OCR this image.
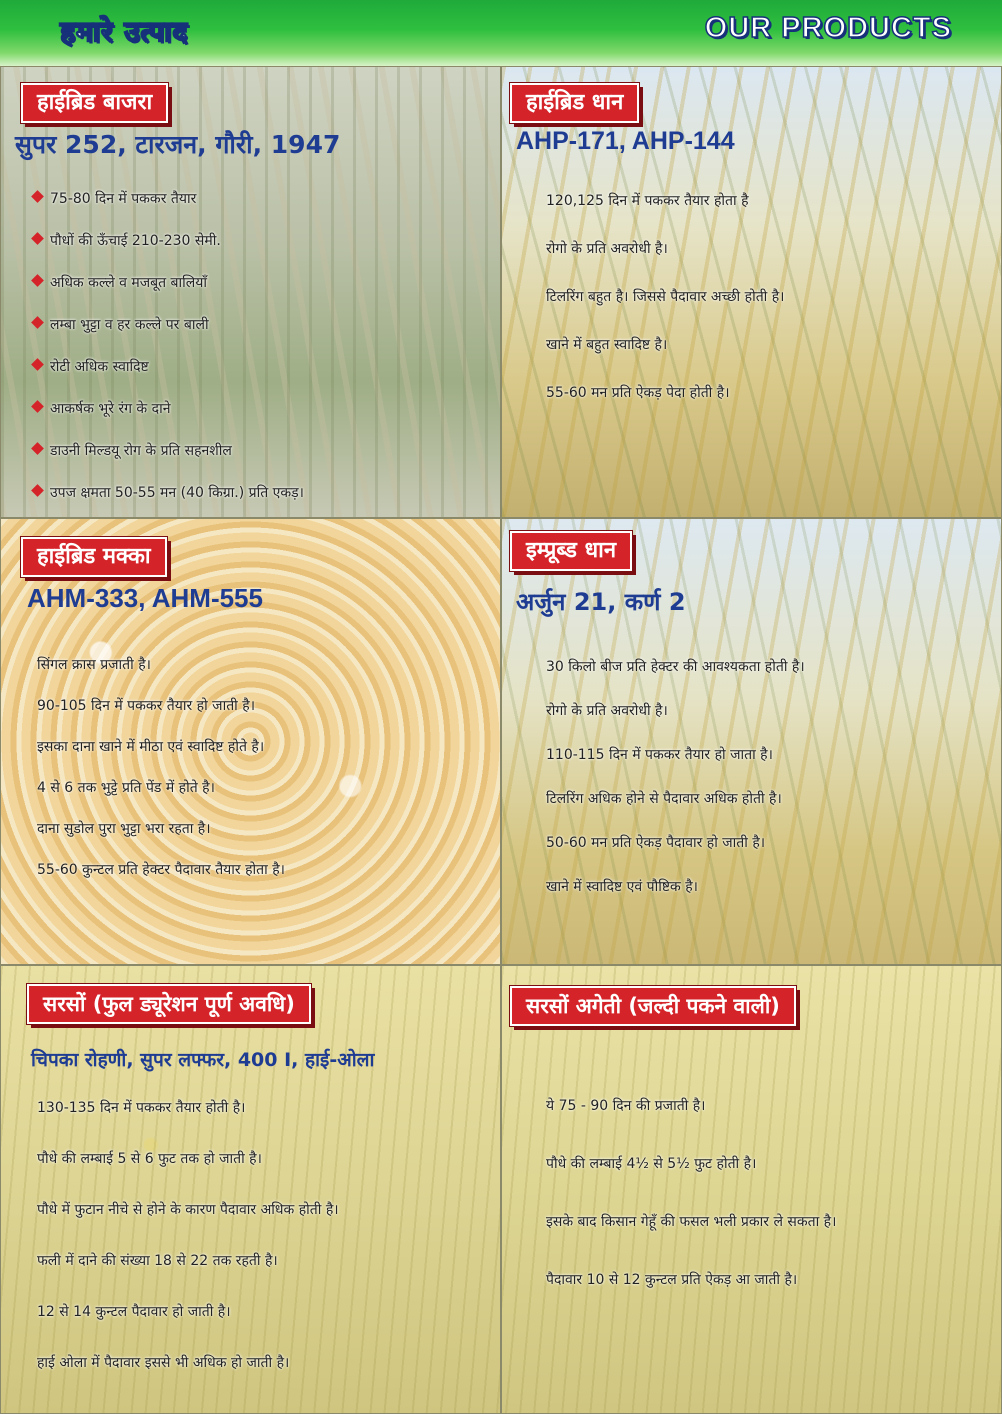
हमारे उत्पाद	OUR PRODUCTS
हाईब्रिड बाजरा
सुपर 252, टारजन, गौरी, 1947
75-80 दिन में पककर तैयार
पौधों की ऊँचाई 210-230 सेमी.
अधिक कल्ले व मजबूत बालियाँ
लम्बा भुट्टा व हर कल्ले पर बाली
रोटी अधिक स्वादिष्ट
आकर्षक भूरे रंग के दाने
डाउनी मिल्डयू रोग के प्रति सहनशील
उपज क्षमता 50-55 मन (40 किग्रा.) प्रति एकड़।
हाईब्रिड धान
AHP-171, AHP-144
120,125 दिन में पककर तैयार होता है
रोगो के प्रति अवरोधी है।
टिलरिंग बहुत है। जिससे पैदावार अच्छी होती है।
खाने में बहुत स्वादिष्ट है।
55-60 मन प्रति ऐकड़ पेदा होती है।
हाईब्रिड मक्का
AHM-333, AHM-555
सिंगल क्रास प्रजाती है।
90-105 दिन में पककर तैयार हो जाती है।
इसका दाना खाने में मीठा एवं स्वादिष्ट होते है।
4 से 6 तक भुट्टे प्रति पेंड में होते है।
दाना सुडोल पुरा भुट्टा भरा रहता है।
55-60 कुन्टल प्रति हेक्टर पैदावार तैयार होता है।
इम्प्रूब्ड धान
अर्जुन 21, कर्ण 2
30 किलो बीज प्रति हेक्टर की आवश्यकता होती है।
रोगो के प्रति अवरोधी है।
110-115 दिन में पककर तैयार हो जाता है।
टिलरिंग अधिक होने से पैदावार अधिक होती है।
50-60 मन प्रति ऐकड़ पैदावार हो जाती है।
खाने में स्वादिष्ट एवं पौष्टिक है।
सरसों (फुल ड्यूरेशन पूर्ण अवधि)
चिपका रोहणी, सुपर लफ्फर, 400 I, हाई-ओला
130-135 दिन में पककर तैयार होती है।
पौधे की लम्बाई 5 से 6 फुट तक हो जाती है।
पौधे में फुटान नीचे से होने के कारण पैदावार अधिक होती है।
फली में दाने की संख्या 18 से 22 तक रहती है।
12 से 14 कुन्टल पैदावार हो जाती है।
हाई ओला में पैदावार इससे भी अधिक हो जाती है।
सरसों अगेती (जल्दी पकने वाली)
ये 75 - 90 दिन की प्रजाती है।
पौधे की लम्बाई 4½ से 5½ फुट होती है।
इसके बाद किसान गेहूँ की फसल भली प्रकार ले सकता है।
पैदावार 10 से 12 कुन्टल प्रति ऐकड़ आ जाती है।
